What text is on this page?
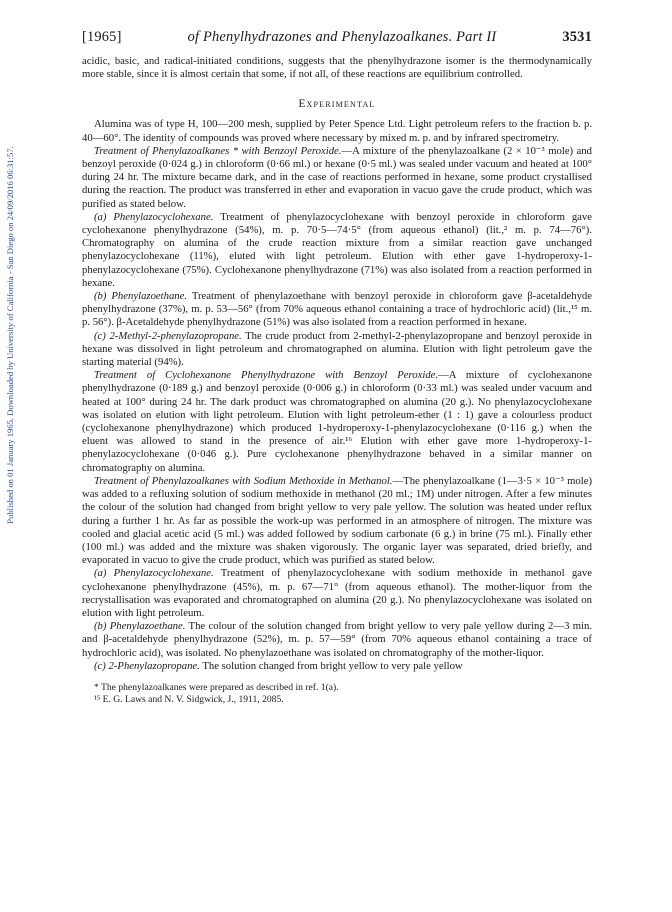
Published on 01 January 1965. Downloaded by University of California - San Diego on 24/09/2016 06:31:57.
[1965]	of Phenylhydrazones and Phenylazoalkanes. Part II	3531

acidic, basic, and radical-initiated conditions, suggests that the phenylhydrazone isomer is the thermodynamically more stable, since it is almost certain that some, if not all, of these reactions are equilibrium controlled.

Experimental

Alumina was of type H, 100—200 mesh, supplied by Peter Spence Ltd. Light petroleum refers to the fraction b. p. 40—60°. The identity of compounds was proved where necessary by mixed m. p. and by infrared spectrometry.

Treatment of Phenylazoalkanes * with Benzoyl Peroxide.—A mixture of the phenylazoalkane (2 × 10⁻³ mole) and benzoyl peroxide (0·024 g.) in chloroform (0·66 ml.) or hexane (0·5 ml.) was sealed under vacuum and heated at 100° during 24 hr. The mixture became dark, and in the case of reactions performed in hexane, some product crystallised during the reaction. The product was transferred in ether and evaporation in vacuo gave the crude product, which was purified as stated below.

(a) Phenylazocyclohexane. Treatment of phenylazocyclohexane with benzoyl peroxide in chloroform gave cyclohexanone phenylhydrazone (54%), m. p. 70·5—74·5° (from aqueous ethanol) (lit.,² m. p. 74—76°). Chromatography on alumina of the crude reaction mixture from a similar reaction gave unchanged phenylazocyclohexane (11%), eluted with light petroleum. Elution with ether gave 1-hydroperoxy-1-phenylazocyclohexane (75%). Cyclohexanone phenylhydrazone (71%) was also isolated from a reaction performed in hexane.

(b) Phenylazoethane. Treatment of phenylazoethane with benzoyl peroxide in chloroform gave β-acetaldehyde phenylhydrazone (37%), m. p. 53—56° (from 70% aqueous ethanol containing a trace of hydrochloric acid) (lit.,¹⁵ m. p. 56°). β-Acetaldehyde phenylhydrazone (51%) was also isolated from a reaction performed in hexane.

(c) 2-Methyl-2-phenylazopropane. The crude product from 2-methyl-2-phenylazopropane and benzoyl peroxide in hexane was dissolved in light petroleum and chromatographed on alumina. Elution with light petroleum gave the starting material (94%).

Treatment of Cyclohexanone Phenylhydrazone with Benzoyl Peroxide.—A mixture of cyclohexanone phenylhydrazone (0·189 g.) and benzoyl peroxide (0·006 g.) in chloroform (0·33 ml.) was sealed under vacuum and heated at 100° during 24 hr. The dark product was chromatographed on alumina (20 g.). No phenylazocyclohexane was isolated on elution with light petroleum. Elution with light petroleum-ether (1 : 1) gave a colourless product (cyclohexanone phenylhydrazone) which produced 1-hydroperoxy-1-phenylazocyclohexane (0·116 g.) when the eluent was allowed to stand in the presence of air.¹⁶ Elution with ether gave more 1-hydroperoxy-1-phenylazocyclohexane (0·046 g.). Pure cyclohexanone phenylhydrazone behaved in a similar manner on chromatography on alumina.

Treatment of Phenylazoalkanes with Sodium Methoxide in Methanol.—The phenylazoalkane (1—3·5 × 10⁻³ mole) was added to a refluxing solution of sodium methoxide in methanol (20 ml.; 1M) under nitrogen. After a few minutes the colour of the solution had changed from bright yellow to very pale yellow. The solution was heated under reflux during a further 1 hr. As far as possible the work-up was performed in an atmosphere of nitrogen. The mixture was cooled and glacial acetic acid (5 ml.) was added followed by sodium carbonate (6 g.) in brine (75 ml.). Finally ether (100 ml.) was added and the mixture was shaken vigorously. The organic layer was separated, dried briefly, and evaporated in vacuo to give the crude product, which was purified as stated below.

(a) Phenylazocyclohexane. Treatment of phenylazocyclohexane with sodium methoxide in methanol gave cyclohexanone phenylhydrazone (45%), m. p. 67—71° (from aqueous ethanol). The mother-liquor from the recrystallisation was evaporated and chromatographed on alumina (20 g.). No phenylazocyclohexane was isolated on elution with light petroleum.

(b) Phenylazoethane. The colour of the solution changed from bright yellow to very pale yellow during 2—3 min. and β-acetaldehyde phenylhydrazone (52%), m. p. 57—59° (from 70% aqueous ethanol containing a trace of hydrochloric acid), was isolated. No phenylazoethane was isolated on chromatography of the mother-liquor.

(c) 2-Phenylazopropane. The solution changed from bright yellow to very pale yellow

* The phenylazoalkanes were prepared as described in ref. 1(a).
¹⁵ E. G. Laws and N. V. Sidgwick, J., 1911, 2085.
